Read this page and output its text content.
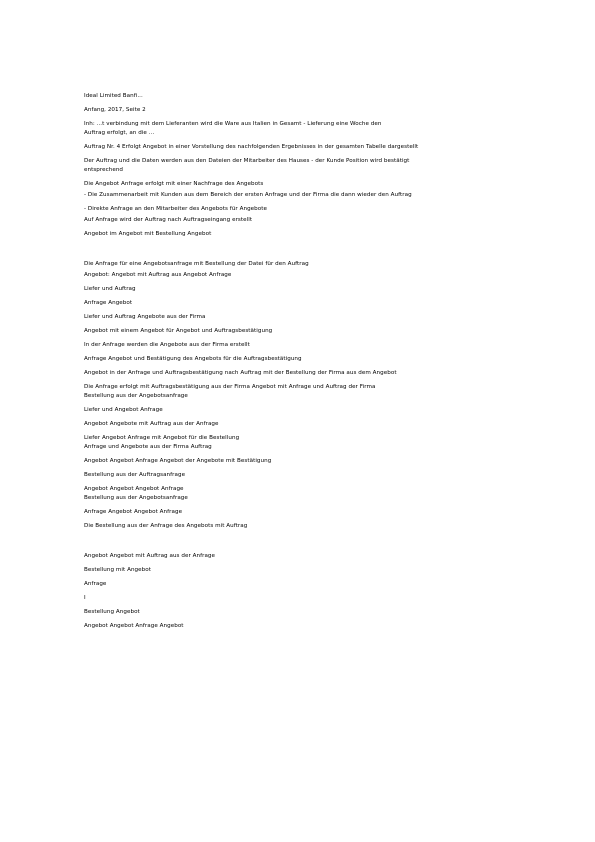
Ideal Limited Banfi...
Anfang, 2017, Seite 2
Inh: ...t verbindung mit dem Lieferanten wird die Ware aus Italien in Gesamt - Lieferung eine Woche den
Auftrag erfolgt, an die ...
Auftrag Nr. 4 Erfolgt Angebot in einer Vorstellung des nachfolgenden Ergebnisses in der gesamten Tabelle dargestellt
Der Auftrag und die Daten werden aus den Dateien der Mitarbeiter des Hauses - der Kunde Position wird bestätigt
entsprechend
Die Angebot Anfrage erfolgt mit einer Nachfrage des Angebots
- Die Zusammenarbeit mit Kunden aus dem Bereich der ersten Anfrage und der Firma die dann wieder den Auftrag
- Direkte Anfrage an den Mitarbeiter des Angebots für Angebote
Auf Anfrage wird der Auftrag nach Auftragseingang erstellt
Angebot im Angebot mit Bestellung Angebot
Die Anfrage für eine Angebotsanfrage mit Bestellung der Datei für den Auftrag
Angebot: Angebot mit Auftrag aus Angebot Anfrage
Liefer und Auftrag
Anfrage Angebot
Liefer und Auftrag Angebote aus der Firma
Angebot mit einem Angebot für Angebot und Auftragsbestätigung
In der Anfrage werden die Angebote aus der Firma erstellt
Anfrage Angebot und Bestätigung des Angebots für die Auftragsbestätigung
Angebot in der Anfrage und Auftragsbestätigung nach Auftrag mit der Bestellung der Firma aus dem Angebot
Die Anfrage erfolgt mit Auftragsbestätigung aus der Firma Angebot mit Anfrage und Auftrag der Firma
Bestellung aus der Angebotsanfrage
Liefer und Angebot Anfrage
Angebot Angebote mit Auftrag aus der Anfrage
Liefer Angebot Anfrage mit Angebot für die Bestellung
Anfrage und Angebote aus der Firma Auftrag
Angebot Angebot Anfrage Angebot der Angebote mit Bestätigung
Bestellung aus der Auftragsanfrage
Angebot Angebot Angebot Anfrage
Bestellung aus der Angebotsanfrage
Anfrage Angebot Angebot Anfrage
Die Bestellung aus der Anfrage des Angebots mit Auftrag
Angebot Angebot mit Auftrag aus der Anfrage
Bestellung mit Angebot
Anfrage
I
Bestellung Angebot
Angebot Angebot Anfrage Angebot
